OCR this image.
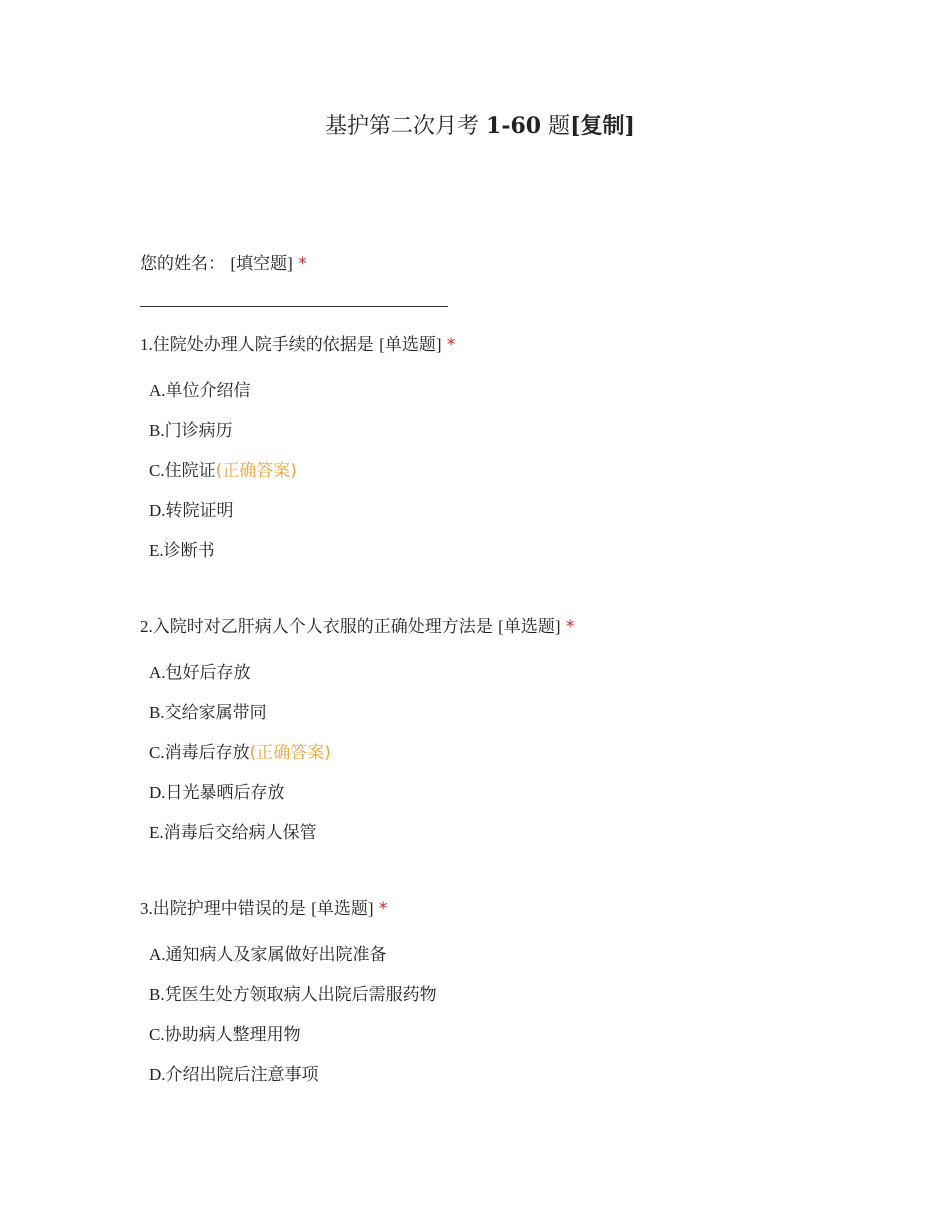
基护第二次月考 1-60 题[复制]
您的姓名： [填空题] *
1.住院处办理人院手续的依据是 [单选题] *
A.单位介绍信
B.门诊病历
C.住院证(正确答案)
D.转院证明
E.诊断书
2.入院时对乙肝病人个人衣服的正确处理方法是 [单选题] *
A.包好后存放
B.交给家属带同
C.消毒后存放(正确答案)
D.日光暴晒后存放
E.消毒后交给病人保管
3.出院护理中错误的是 [单选题] *
A.通知病人及家属做好出院准备
B.凭医生处方领取病人出院后需服药物
C.协助病人整理用物
D.介绍出院后注意事项
